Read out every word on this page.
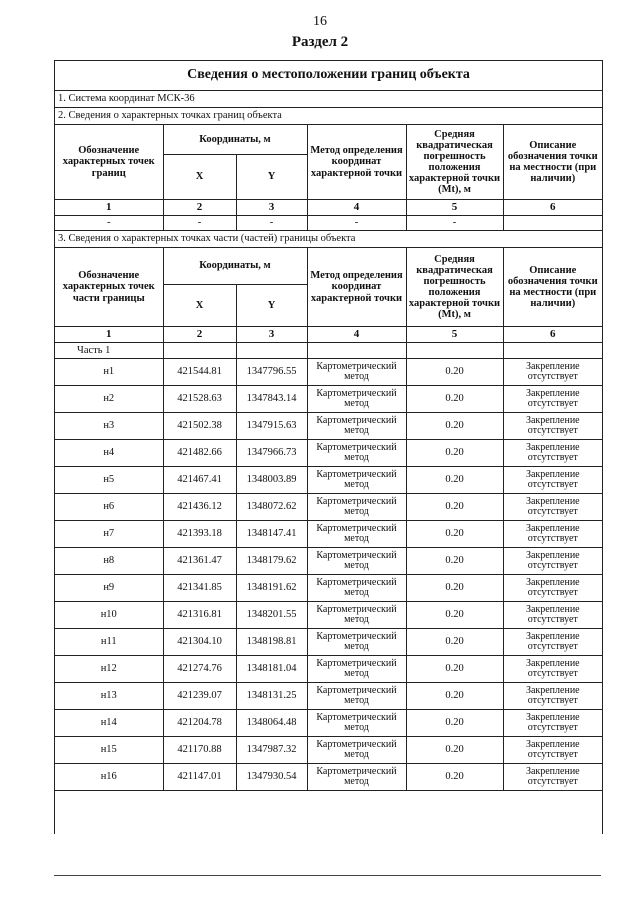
16
Раздел 2
Сведения о местоположении границ объекта					
1. Система координат МСК-36					
2. Сведения о характерных точках границ объекта					
Обозначение характерных точек границ	Координаты, м		Метод определения координат характерной точки	Средняя квадратическая погрешность положения характерной точки (Mt), м	Описание обозначения точки на местности (при наличии)
	X	Y			
1	2	3	4	5	6
-	-	-	-	-	
3. Сведения о характерных точках части (частей) границы объекта					
Обозначение характерных точек части границы	Координаты, м		Метод определения координат характерной точки	Средняя квадратическая погрешность положения характерной точки (Mt), м	Описание обозначения точки на местности (при наличии)
	X	Y			
1	2	3	4	5	6
Часть 1					
н1	421544.81	1347796.55	Картометрический метод	0.20	Закрепление отсутствует
н2	421528.63	1347843.14	Картометрический метод	0.20	Закрепление отсутствует
н3	421502.38	1347915.63	Картометрический метод	0.20	Закрепление отсутствует
н4	421482.66	1347966.73	Картометрический метод	0.20	Закрепление отсутствует
н5	421467.41	1348003.89	Картометрический метод	0.20	Закрепление отсутствует
н6	421436.12	1348072.62	Картометрический метод	0.20	Закрепление отсутствует
н7	421393.18	1348147.41	Картометрический метод	0.20	Закрепление отсутствует
н8	421361.47	1348179.62	Картометрический метод	0.20	Закрепление отсутствует
н9	421341.85	1348191.62	Картометрический метод	0.20	Закрепление отсутствует
н10	421316.81	1348201.55	Картометрический метод	0.20	Закрепление отсутствует
н11	421304.10	1348198.81	Картометрический метод	0.20	Закрепление отсутствует
н12	421274.76	1348181.04	Картометрический метод	0.20	Закрепление отсутствует
н13	421239.07	1348131.25	Картометрический метод	0.20	Закрепление отсутствует
н14	421204.78	1348064.48	Картометрический метод	0.20	Закрепление отсутствует
н15	421170.88	1347987.32	Картометрический метод	0.20	Закрепление отсутствует
н16	421147.01	1347930.54	Картометрический метод	0.20	Закрепление отсутствует
